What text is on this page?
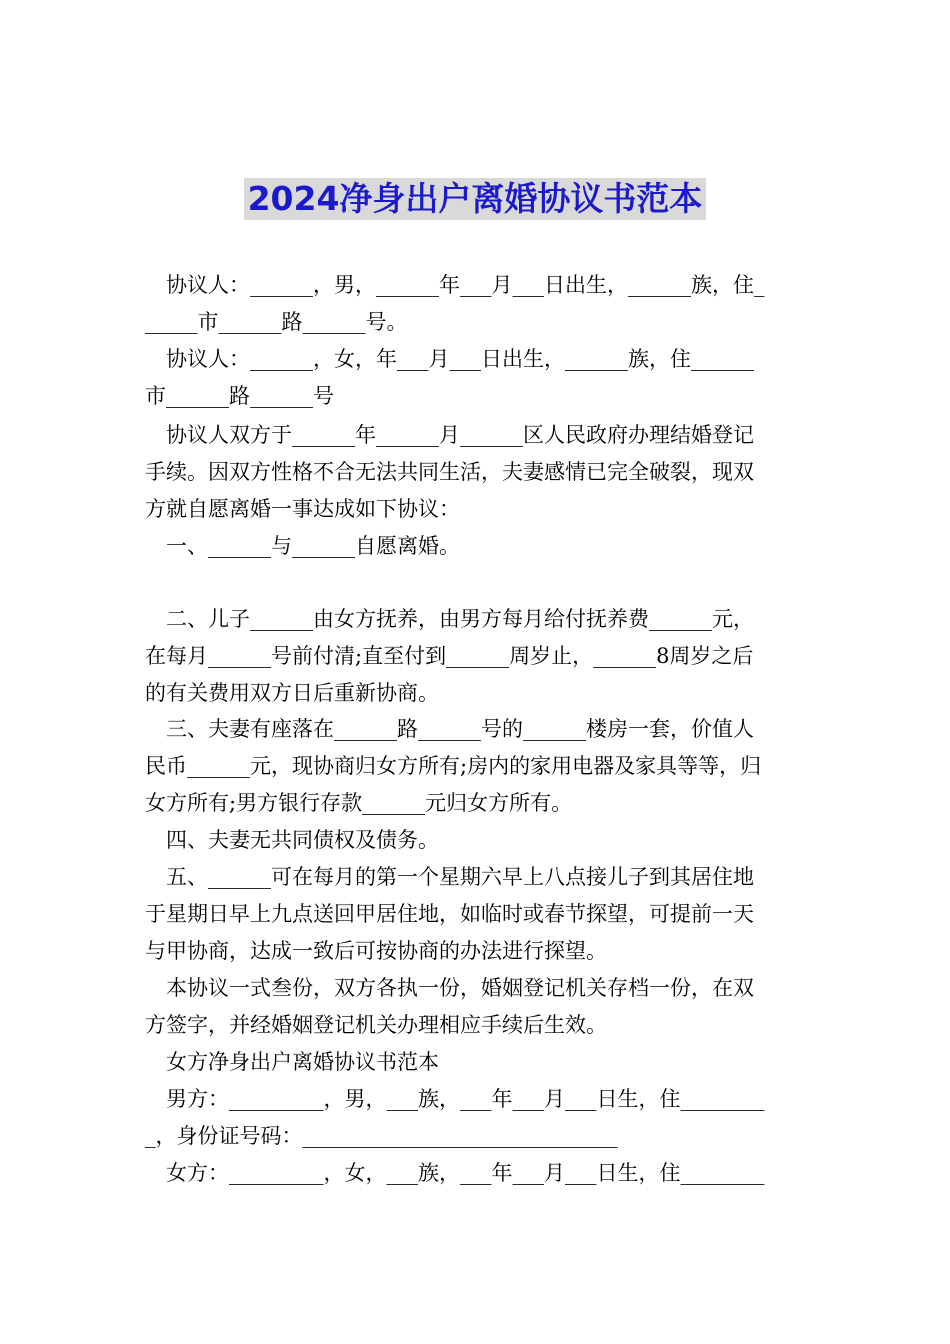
2024净身出户离婚协议书范本
　协议人：______，男，______年___月___日出生，______族，住_
_____市______路______号。
　协议人：______，女，年___月___日出生，______族，住______
市______路______号
　协议人双方于______年______月______区人民政府办理结婚登记
手续。因双方性格不合无法共同生活，夫妻感情已完全破裂，现双
方就自愿离婚一事达成如下协议：
　一、______与______自愿离婚。
　二、儿子______由女方抚养，由男方每月给付抚养费______元，
在每月______号前付清;直至付到______周岁止，______8周岁之后
的有关费用双方日后重新协商。
　三、夫妻有座落在______路______号的______楼房一套，价值人
民币______元，现协商归女方所有;房内的家用电器及家具等等，归
女方所有;男方银行存款______元归女方所有。
　四、夫妻无共同债权及债务。
　五、______可在每月的第一个星期六早上八点接儿子到其居住地
于星期日早上九点送回甲居住地，如临时或春节探望，可提前一天
与甲协商，达成一致后可按协商的办法进行探望。
　本协议一式叁份，双方各执一份，婚姻登记机关存档一份，在双
方签字，并经婚姻登记机关办理相应手续后生效。
　女方净身出户离婚协议书范本
　男方：_________，男，___族，___年___月___日生，住________
_，身份证号码：______________________________
　女方：_________，女，___族，___年___月___日生，住________
